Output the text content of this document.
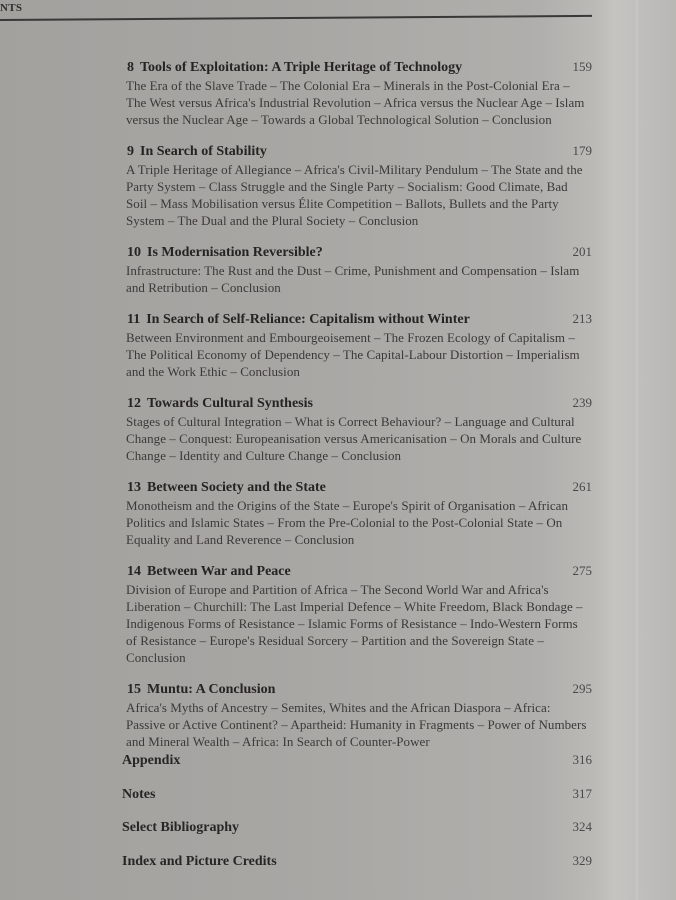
NTS
8 Tools of Exploitation: A Triple Heritage of Technology	159
The Era of the Slave Trade – The Colonial Era – Minerals in the Post-Colonial Era – The West versus Africa's Industrial Revolution – Africa versus the Nuclear Age – Islam versus the Nuclear Age – Towards a Global Technological Solution – Conclusion
9 In Search of Stability	179
A Triple Heritage of Allegiance – Africa's Civil-Military Pendulum – The State and the Party System – Class Struggle and the Single Party – Socialism: Good Climate, Bad Soil – Mass Mobilisation versus Élite Competition – Ballots, Bullets and the Party System – The Dual and the Plural Society – Conclusion
10 Is Modernisation Reversible?	201
Infrastructure: The Rust and the Dust – Crime, Punishment and Compensation – Islam and Retribution – Conclusion
11 In Search of Self-Reliance: Capitalism without Winter	213
Between Environment and Embourgeoisement – The Frozen Ecology of Capitalism – The Political Economy of Dependency – The Capital-Labour Distortion – Imperialism and the Work Ethic – Conclusion
12 Towards Cultural Synthesis	239
Stages of Cultural Integration – What is Correct Behaviour? – Language and Cultural Change – Conquest: Europeanisation versus Americanisation – On Morals and Culture Change – Identity and Culture Change – Conclusion
13 Between Society and the State	261
Monotheism and the Origins of the State – Europe's Spirit of Organisation – African Politics and Islamic States – From the Pre-Colonial to the Post-Colonial State – On Equality and Land Reverence – Conclusion
14 Between War and Peace	275
Division of Europe and Partition of Africa – The Second World War and Africa's Liberation – Churchill: The Last Imperial Defence – White Freedom, Black Bondage – Indigenous Forms of Resistance – Islamic Forms of Resistance – Indo-Western Forms of Resistance – Europe's Residual Sorcery – Partition and the Sovereign State – Conclusion
15 Muntu: A Conclusion	295
Africa's Myths of Ancestry – Semites, Whites and the African Diaspora – Africa: Passive or Active Continent? – Apartheid: Humanity in Fragments – Power of Numbers and Mineral Wealth – Africa: In Search of Counter-Power
Appendix	316
Notes	317
Select Bibliography	324
Index and Picture Credits	329
